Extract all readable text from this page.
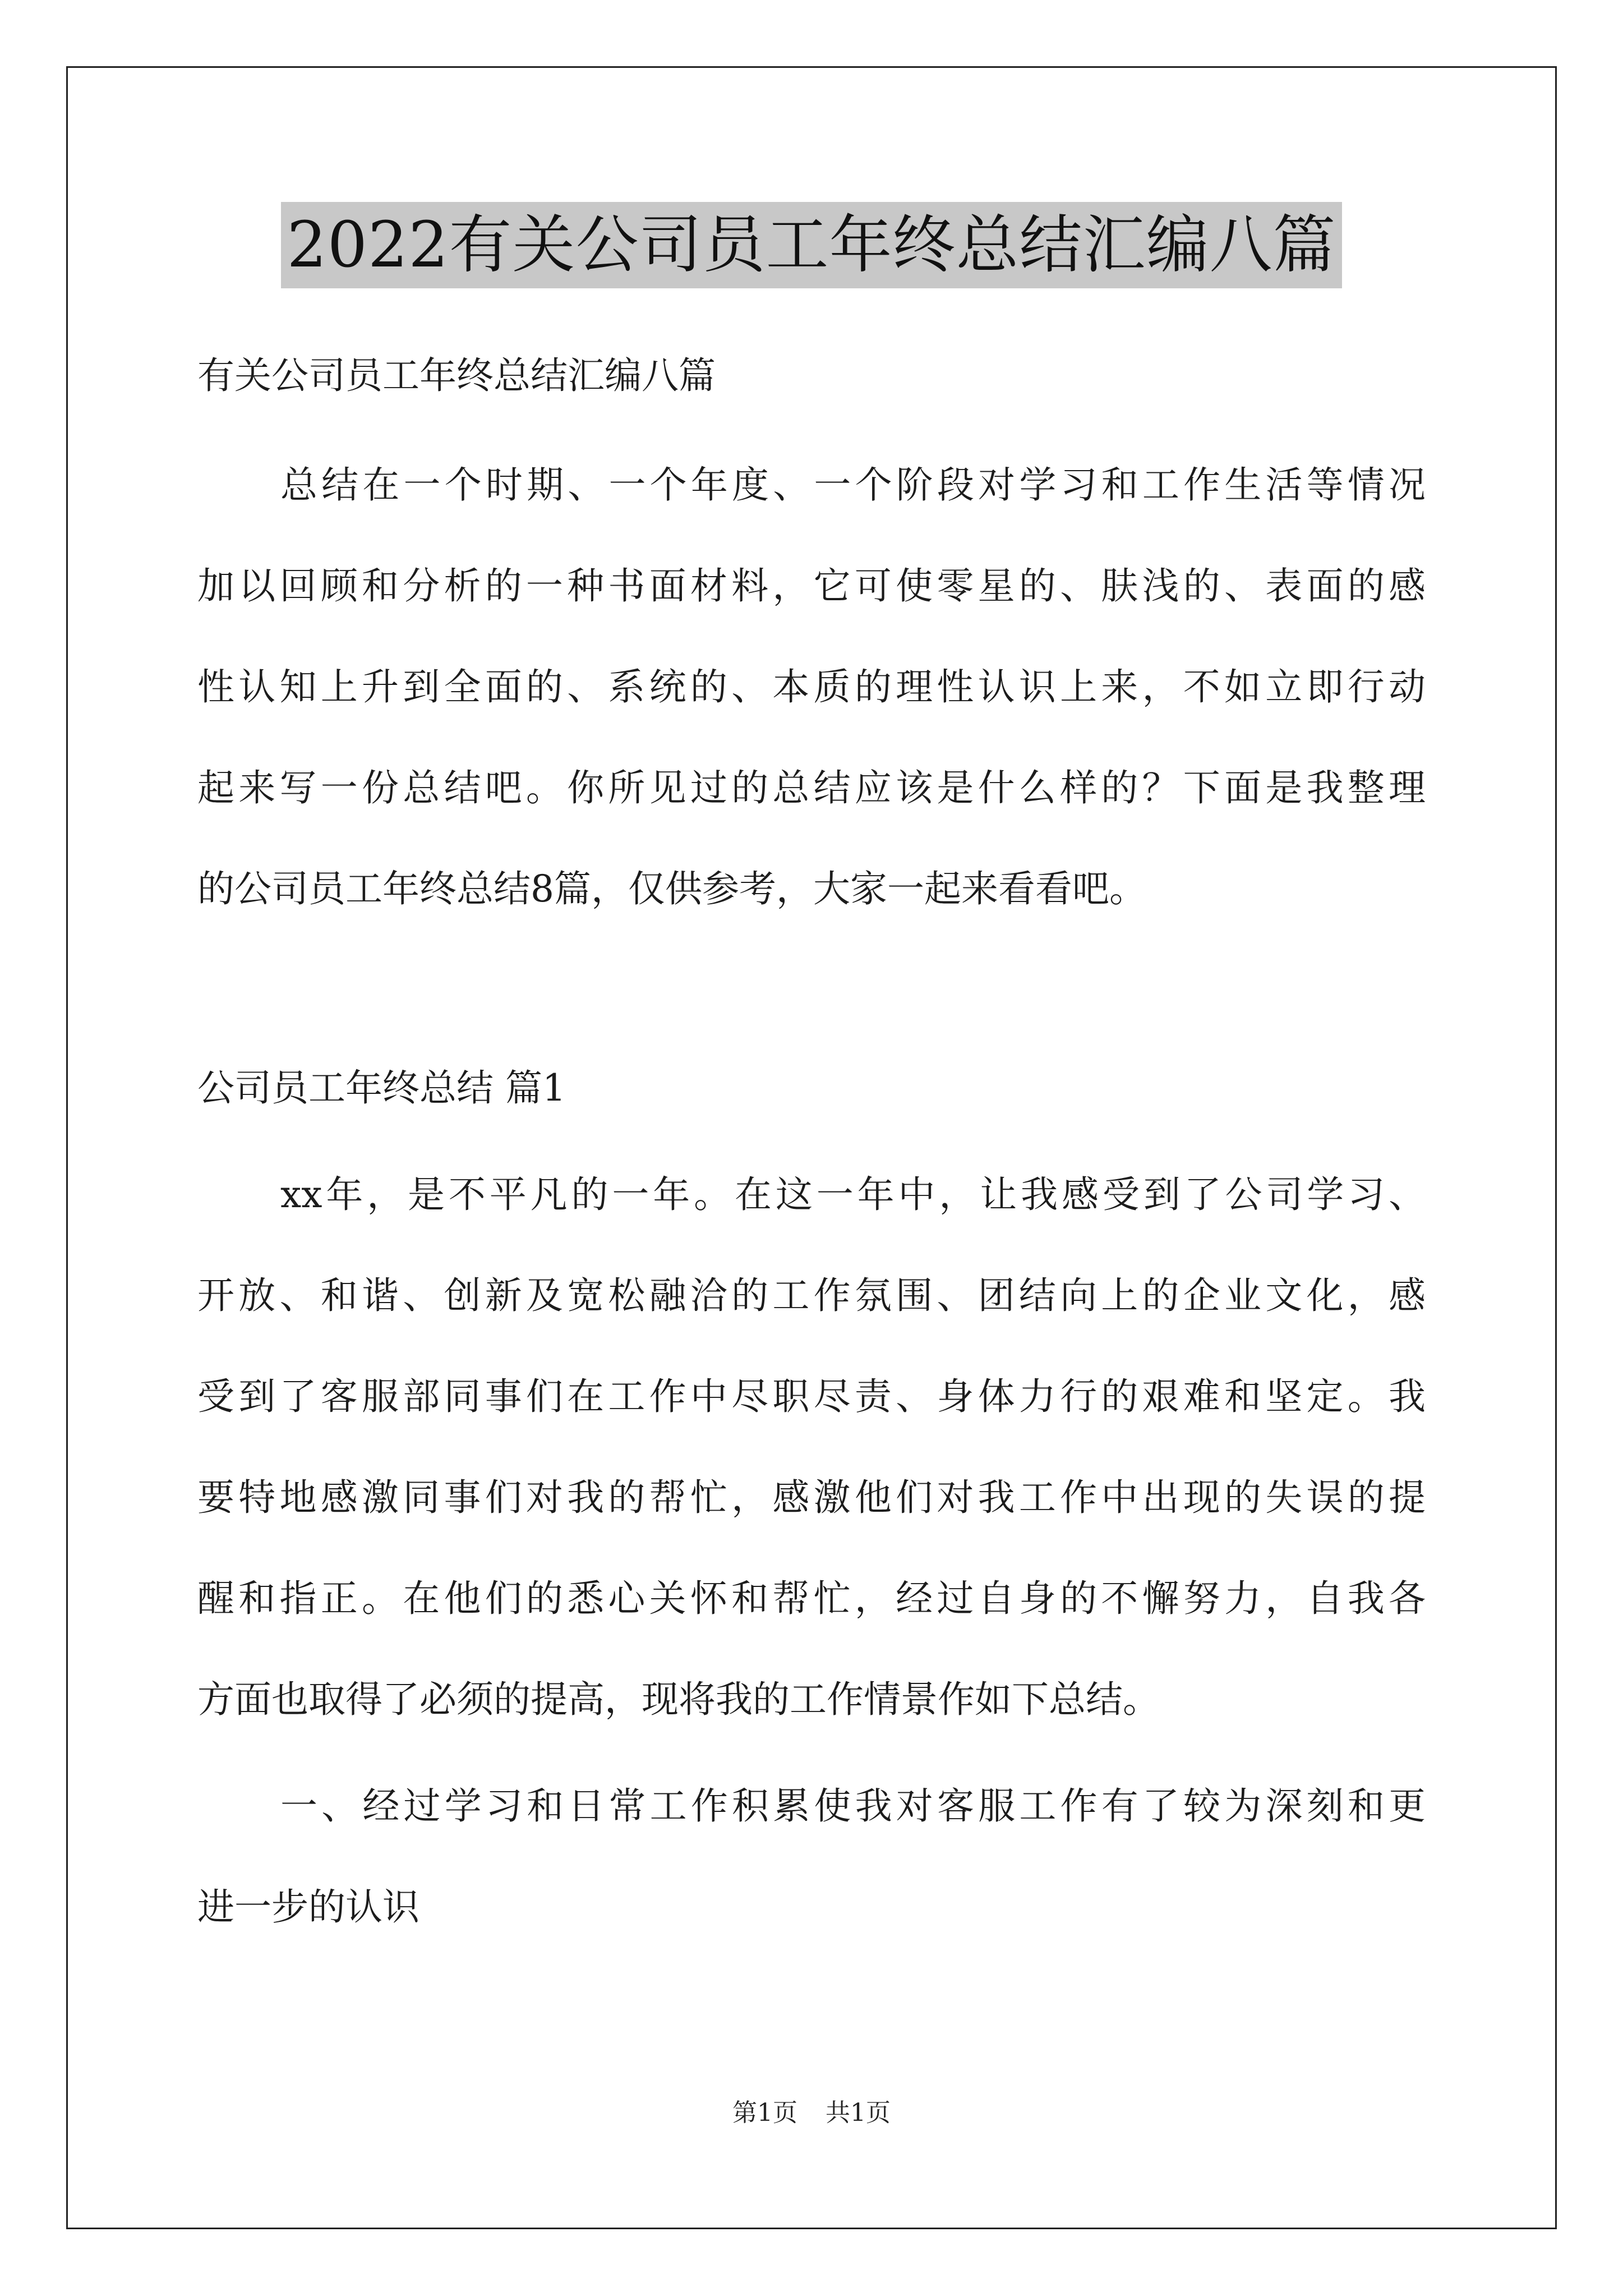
2022有关公司员工年终总结汇编八篇
有关公司员工年终总结汇编八篇
总结在一个时期、一个年度、一个阶段对学习和工作生活等情况
加以回顾和分析的一种书面材料，它可使零星的、肤浅的、表面的感
性认知上升到全面的、系统的、本质的理性认识上来，不如立即行动
起来写一份总结吧。你所见过的总结应该是什么样的？下面是我整理
的公司员工年终总结8篇，仅供参考，大家一起来看看吧。
公司员工年终总结 篇1
xx年，是不平凡的一年。在这一年中，让我感受到了公司学习、
开放、和谐、创新及宽松融洽的工作氛围、团结向上的企业文化，感
受到了客服部同事们在工作中尽职尽责、身体力行的艰难和坚定。我
要特地感激同事们对我的帮忙，感激他们对我工作中出现的失误的提
醒和指正。在他们的悉心关怀和帮忙，经过自身的不懈努力，自我各
方面也取得了必须的提高，现将我的工作情景作如下总结。
一、经过学习和日常工作积累使我对客服工作有了较为深刻和更
进一步的认识
第1页 共1页
